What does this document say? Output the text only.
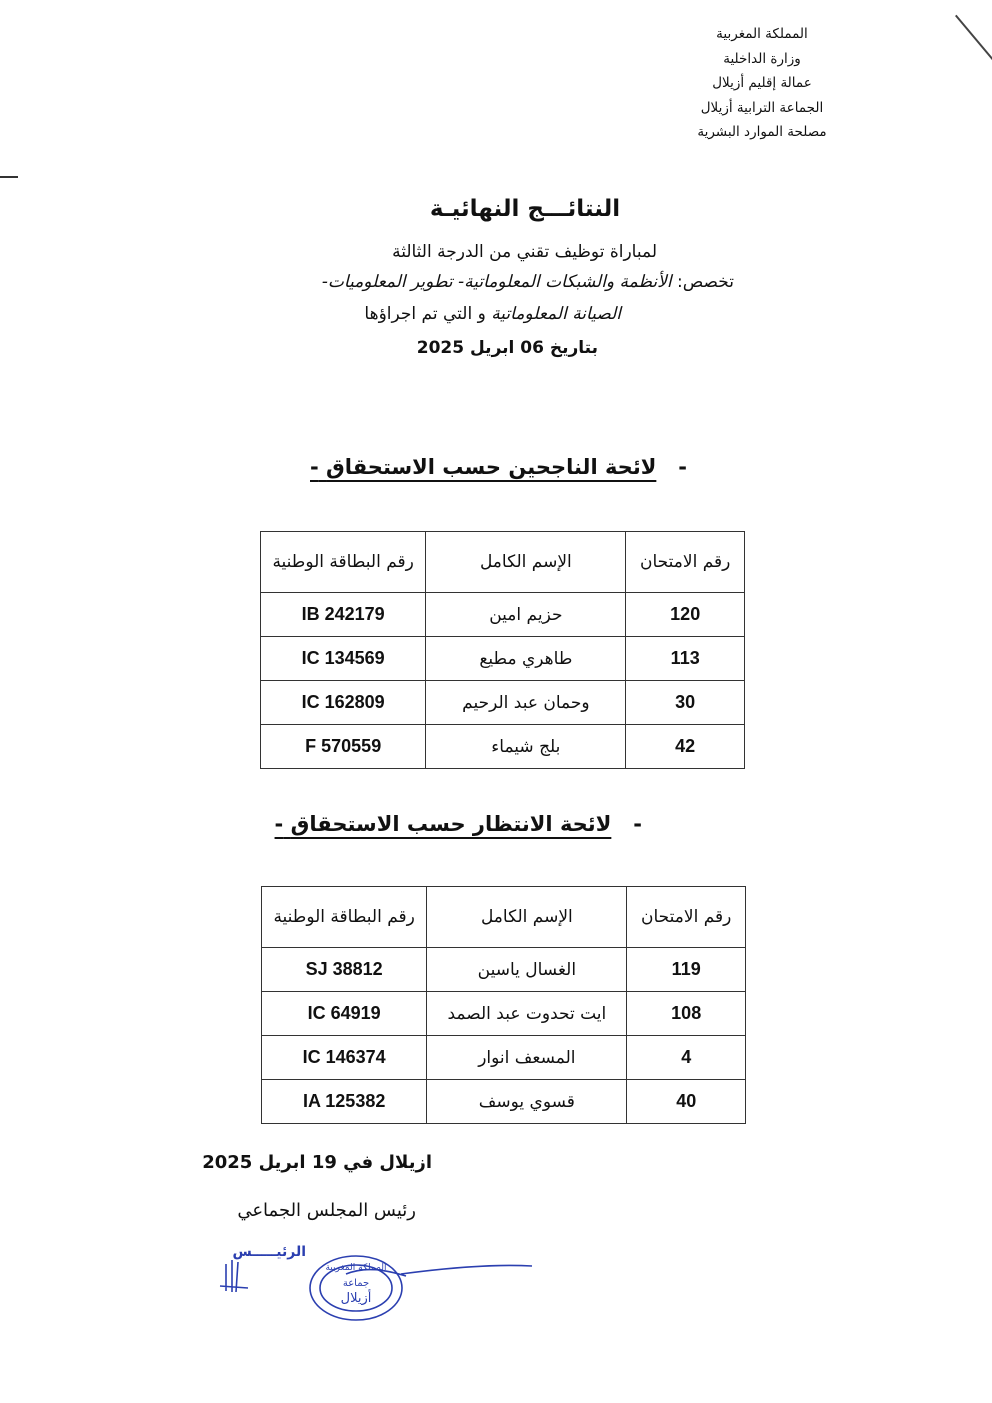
المملكة المغربية
وزارة الداخلية
عمالة إقليم أزيلال
الجماعة الترابية أزيلال
مصلحة الموارد البشرية
النتائـــج النهائيـة
لمباراة توظيف تقني من الدرجة الثالثة
تخصص: الأنظمة والشبكات المعلوماتية- تطوير المعلوميات-
الصيانة المعلوماتية و التي تم اجراؤها
بتاريخ 06 ابريل 2025
-   لائحة الناجحين حسب الاستحقاق -
رقم الامتحان	الإسم الكامل	رقم البطاقة الوطنية
120	حزيم امين	IB 242179
113	طاهري مطيع	IC 134569
30	وحمان عبد الرحيم	IC 162809
42	بلج شيماء	F 570559
-   لائحة الانتظار حسب الاستحقاق -
رقم الامتحان	الإسم الكامل	رقم البطاقة الوطنية
119	الغسال ياسين	SJ 38812
108	ايت تحدوت عبد الصمد	IC 64919
4	المسعف انوار	IC 146374
40	قسوي يوسف	IA 125382
ازيلال في 19 ابريل 2025
رئيس المجلس الجماعي
الرئيـــــس
المملكة المغربية
جماعة
أزيلال
